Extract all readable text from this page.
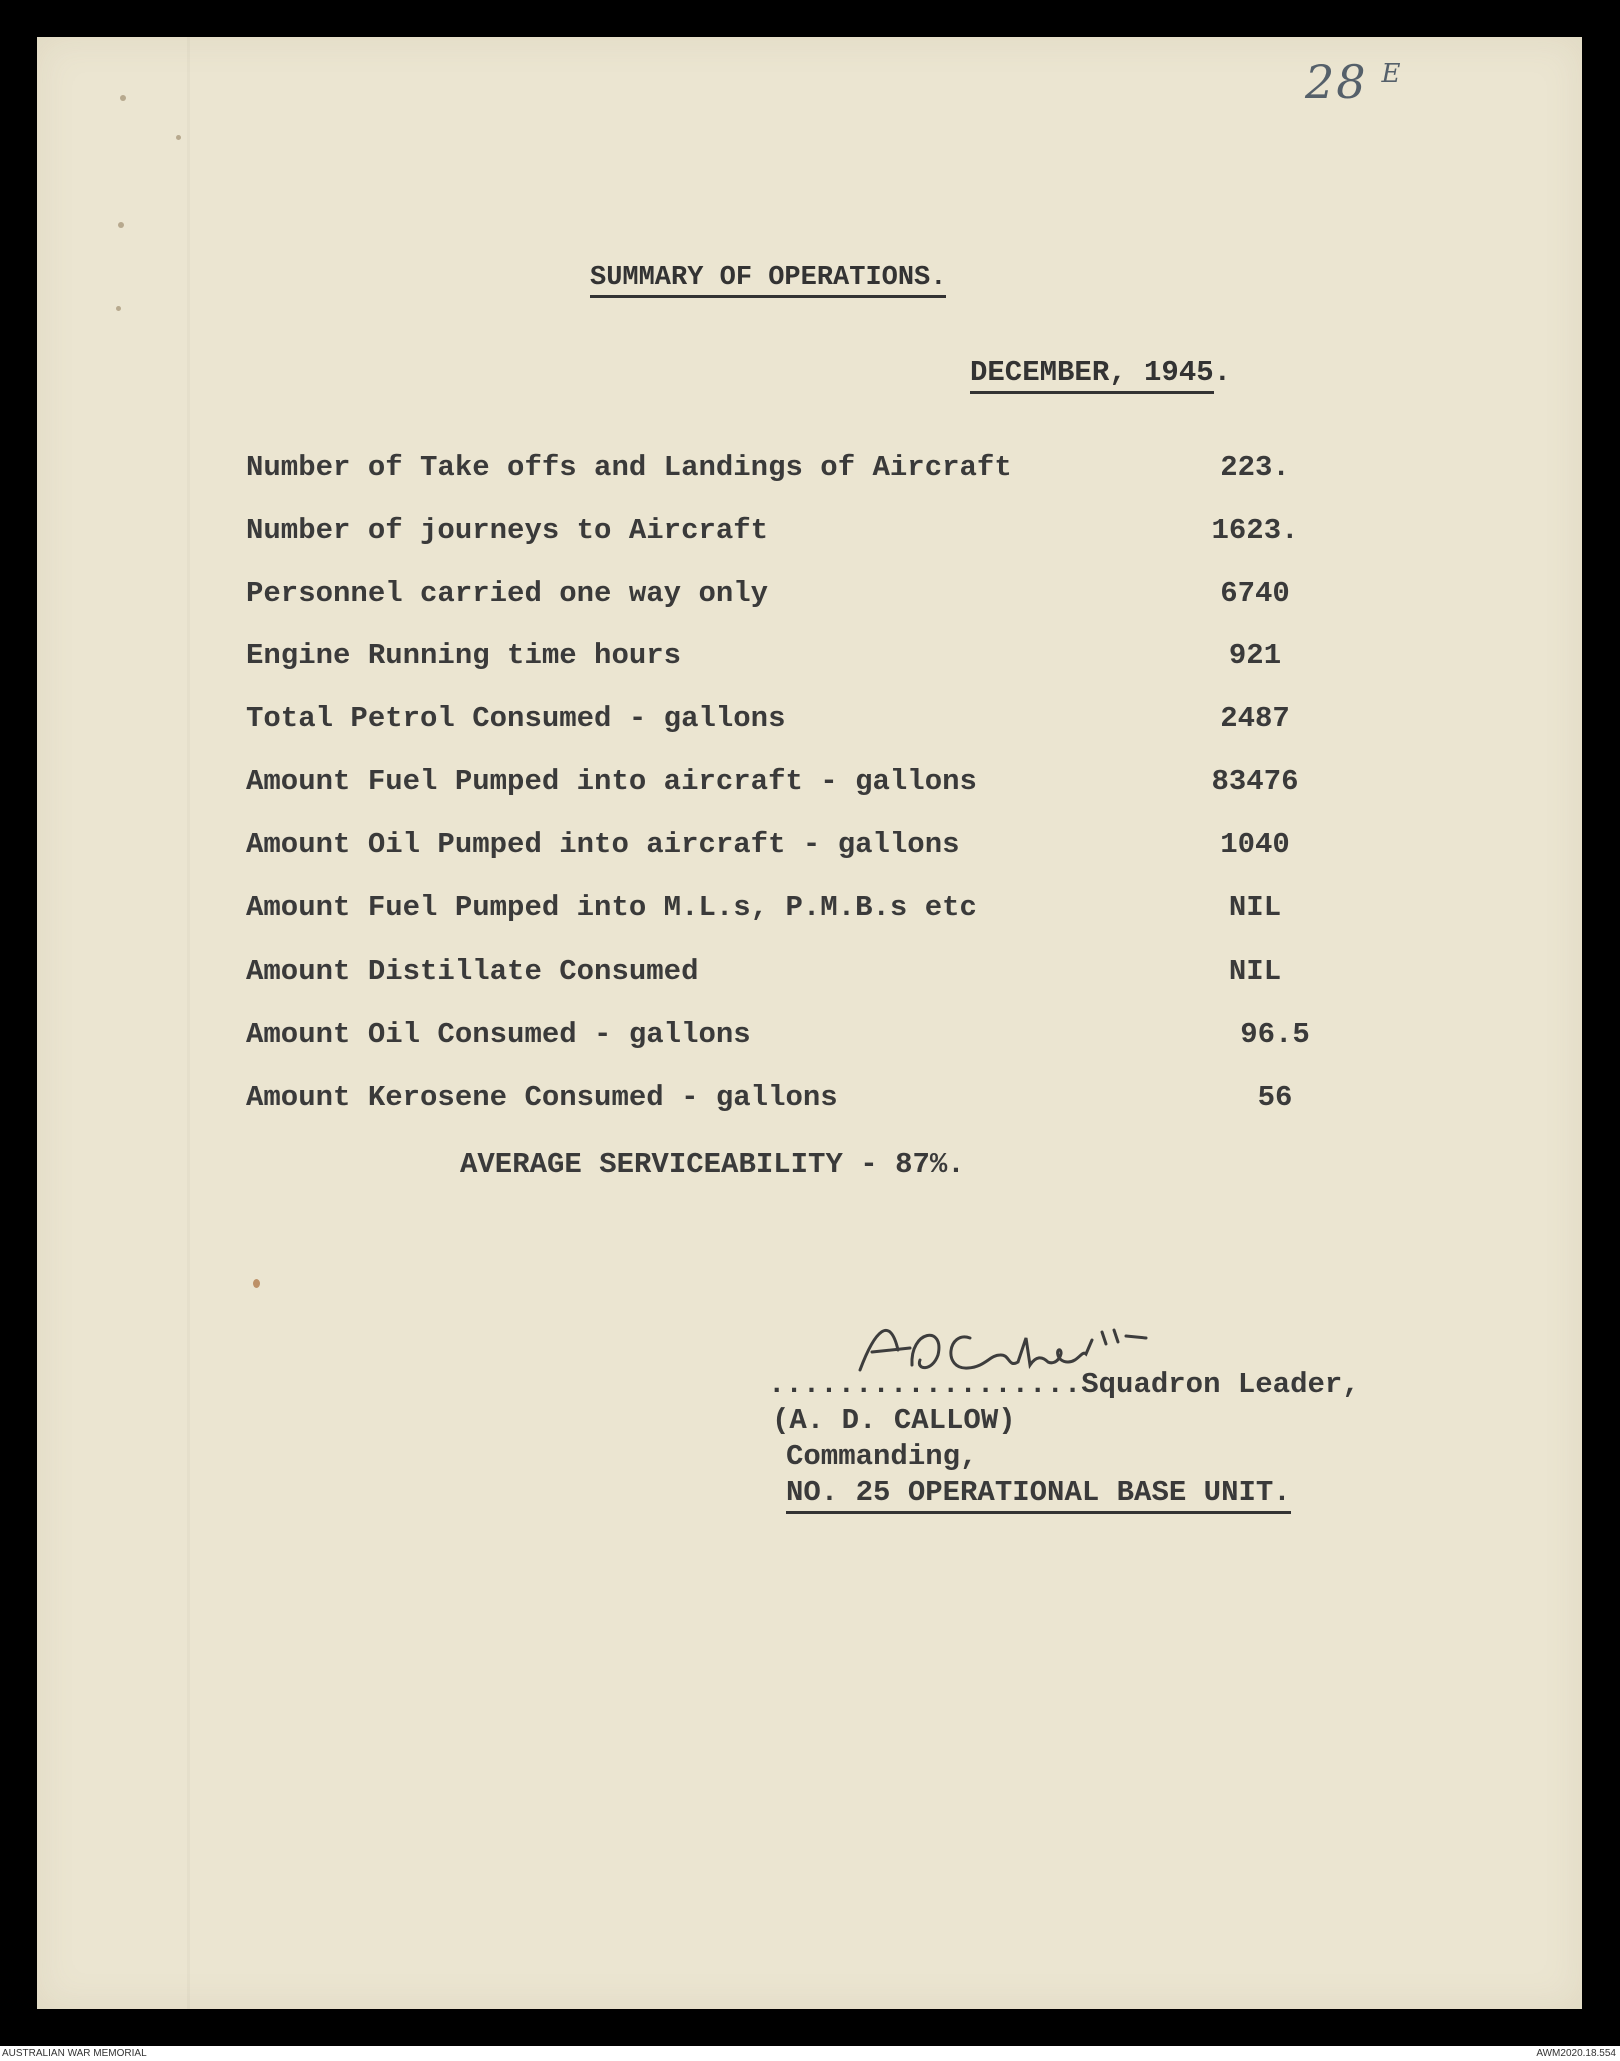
28 $^E$
SUMMARY OF OPERATIONS.
DECEMBER, 1945.
Number of Take offs and Landings of Aircraft	223.
Number of journeys to Aircraft	1623.
Personnel carried one way only	6740
Engine Running time hours	921
Total Petrol Consumed - gallons	2487
Amount Fuel Pumped into aircraft - gallons	83476
Amount Oil Pumped into aircraft - gallons	1040
Amount Fuel Pumped into M.L.s, P.M.B.s etc	NIL
Amount Distillate Consumed	NIL
Amount Oil Consumed - gallons	96.5
Amount Kerosene Consumed - gallons	56
AVERAGE SERVICEABILITY - 87%.
..................Squadron Leader,
(A. D. CALLOW)
Commanding,
NO. 25 OPERATIONAL BASE UNIT.
AUSTRALIAN WAR MEMORIAL	AWM2020.18.554
